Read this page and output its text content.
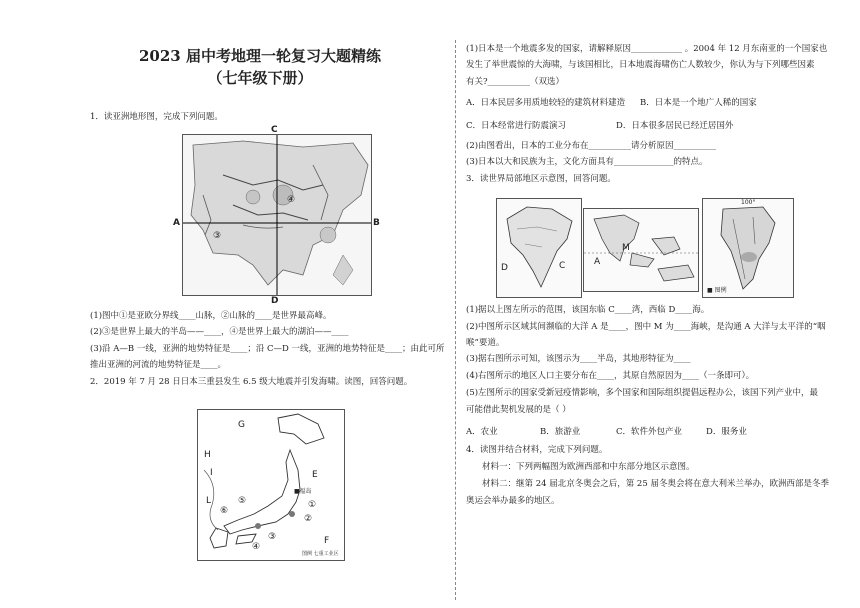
2023 届中考地理一轮复习大题精练
（七年级下册）
1．读亚洲地形图，完成下列问题。
③
④
C
D
A	B
(1)图中①是亚欧分界线____山脉，②山脉的____是世界最高峰。
(2)③是世界上最大的半岛——____，④是世界上最大的湖泊——____
(3)沿 A—B 一线，亚洲的地势特征是____；沿 C—D 一线，亚洲的地势特征是____；由此可所
推出亚洲的河流的地势特征是____。
2．2019 年 7 月 28 日日本三重县发生 6.5 级大地震并引发海啸。读图，回答问题。
G
H
I	E
F
L
■福岛
①
②
③
④
⑤
⑥
图例 七重工业区
(1)日本是一个地震多发的国家，请解释原因____________ 。2004 年 12 月东南亚的一个国家也
发生了举世震惊的大海啸，与该国相比，日本地震海啸伤亡人数较少，你认为与下列哪些因素
有关?__________（双选）
A．日本民居多用质地较轻的建筑材料建造 B．日本是一个地广人稀的国家
C．日本经常进行防震演习	D．日本很多居民已经迁居国外
(2)由图看出，日本的工业分布在__________请分析原因__________
(3)日本以大和民族为主，文化方面具有______________的特点。
3．读世界局部地区示意图，回答问题。
C
D
M
A
100°
■ 图例
(1)据以上图左所示的范围，该国东临 C____湾，西临 D____海。
(2)中图所示区域其间濒临的大洋 A 是____，图中 M 为____海峡，是沟通 A 大洋与太平洋的“咽
喉”要道。
(3)据右图所示可知，该图示为____半岛，其地形特征为____
(4)右图所示的地区人口主要分布在____，其原自然原因为____（一条即可）。
(5)左图所示的国家受新冠疫情影响，多个国家和国际组织提倡远程办公，该国下列产业中，最
可能借此契机发展的是（ ）
A．农业	B．旅游业	C．软件外包产业	D．服务业
4．读图并结合材料，完成下列问题。
材料一：下列两幅图为欧洲西部和中东部分地区示意图。
材料二：继第 24 届北京冬奥会之后，第 25 届冬奥会将在意大利米兰举办，欧洲西部是冬季
奥运会举办最多的地区。
